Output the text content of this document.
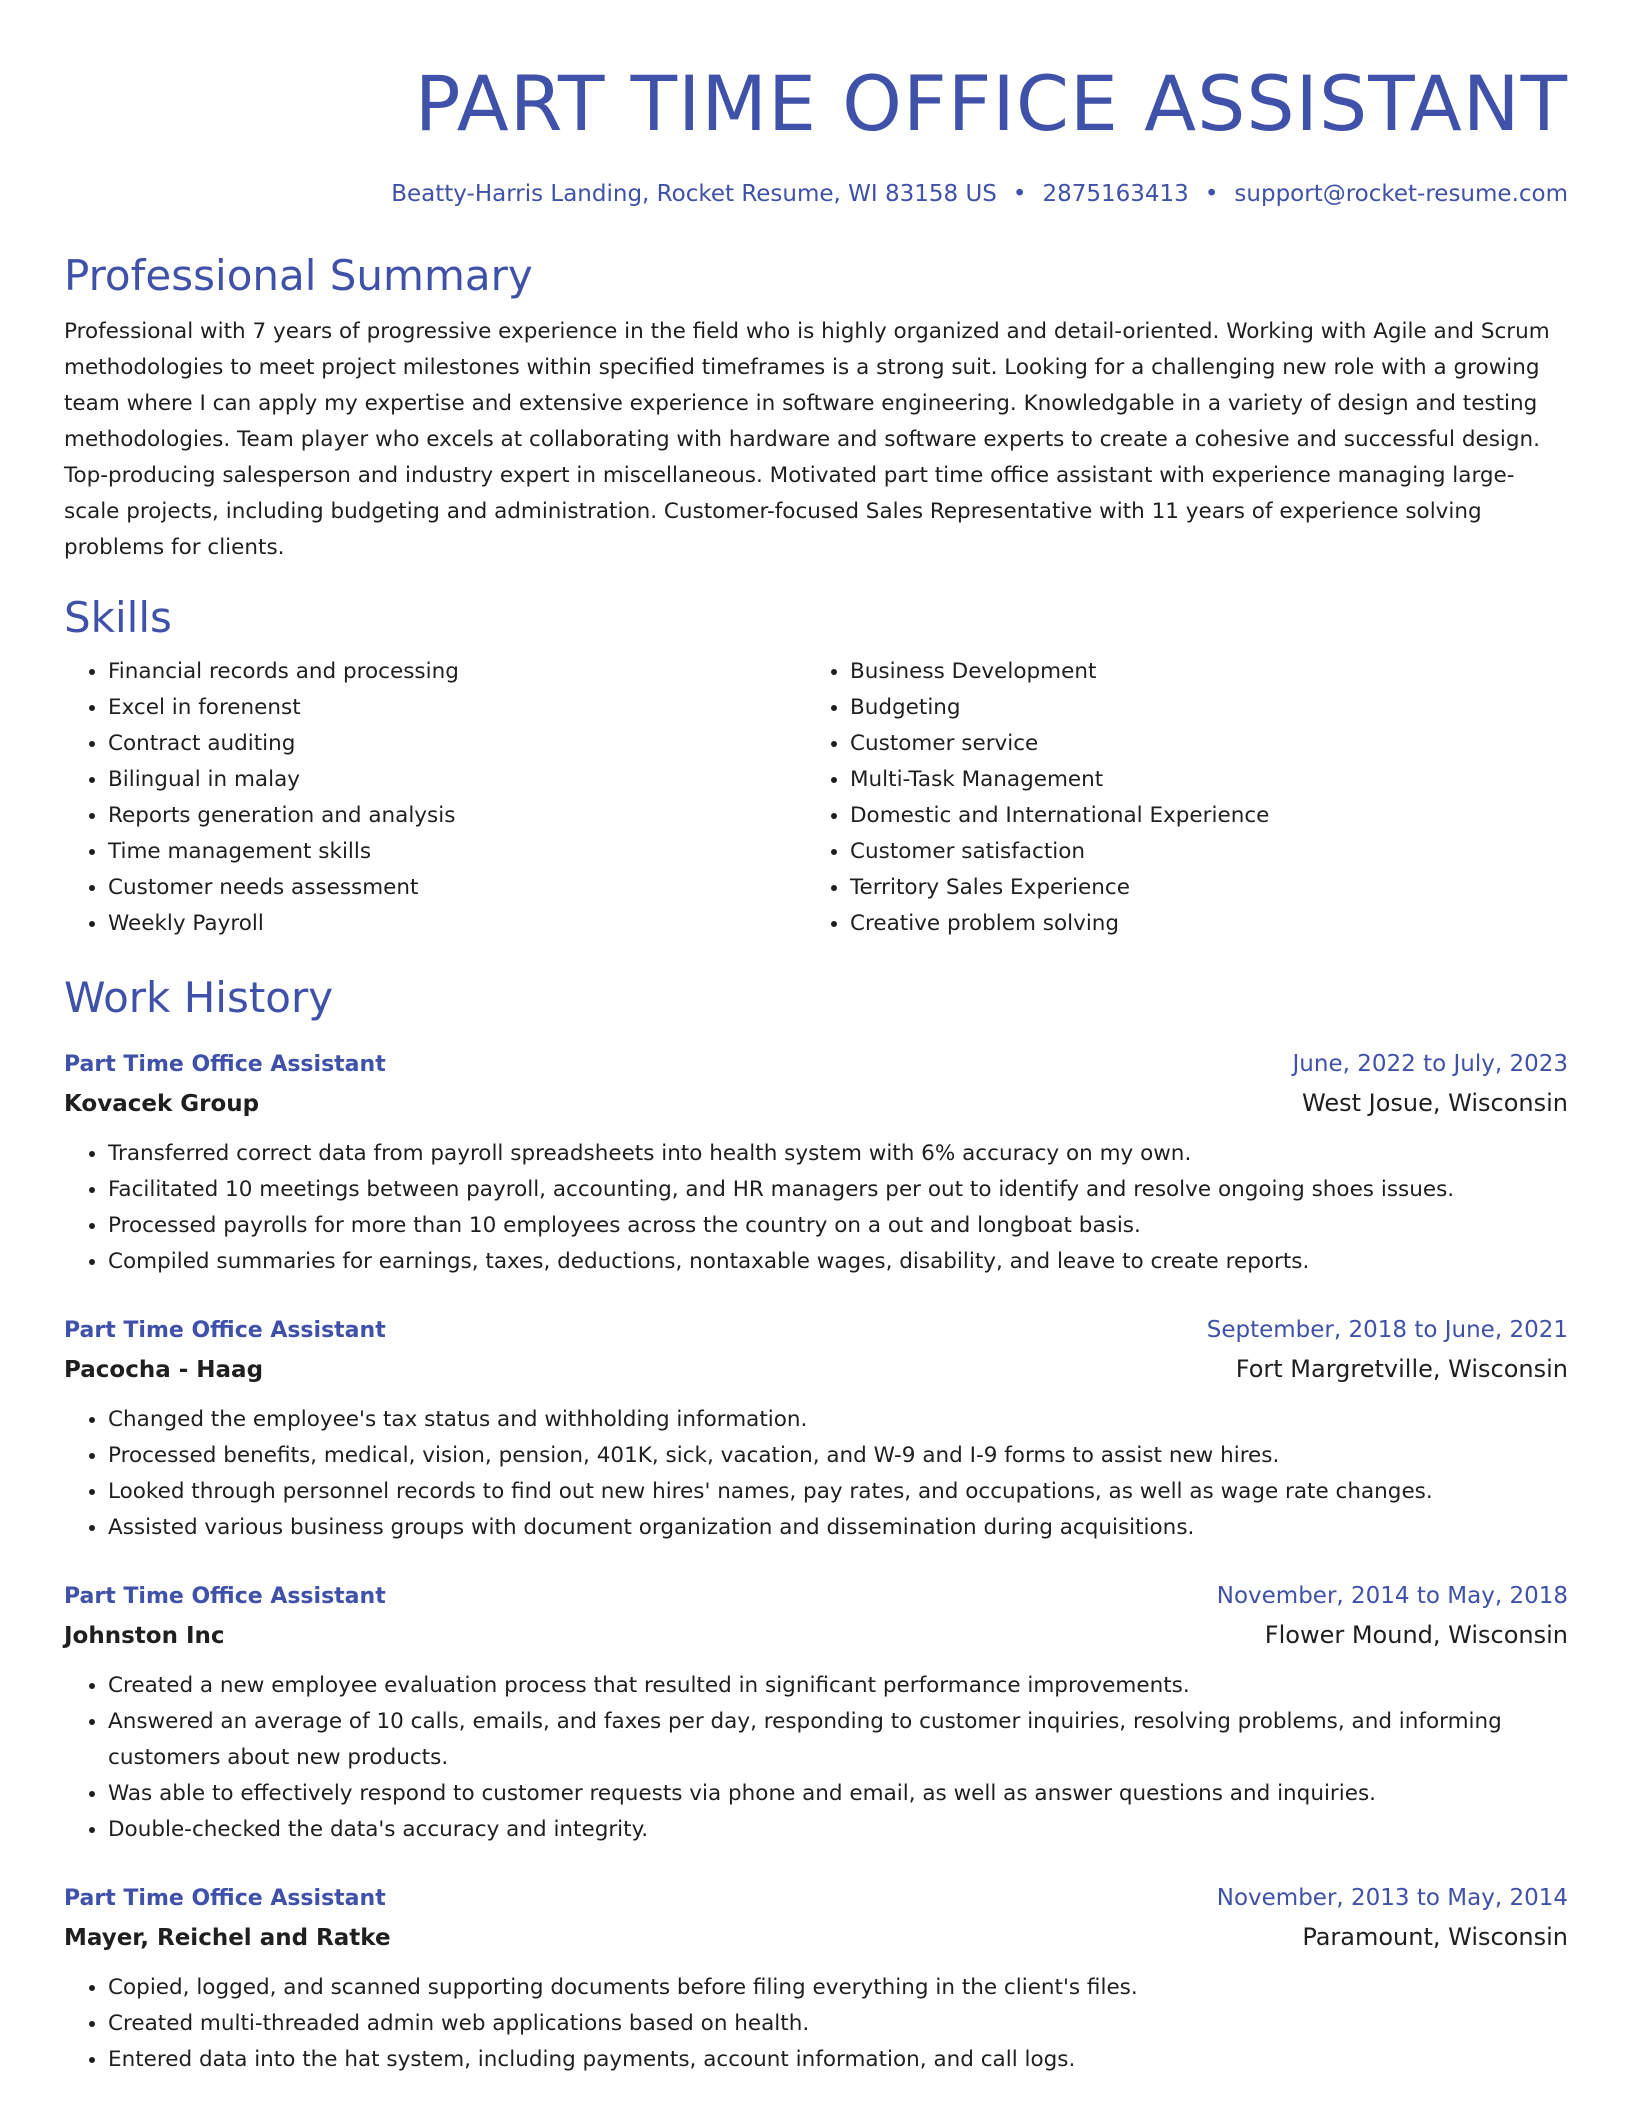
PART TIME OFFICE ASSISTANT
Beatty-Harris Landing, Rocket Resume, WI 83158 US • 2875163413 • support@rocket-resume.com
Professional Summary

Professional with 7 years of progressive experience in the field who is highly organized and detail-oriented. Working with Agile and Scrum methodologies to meet project milestones within specified timeframes is a strong suit. Looking for a challenging new role with a growing team where I can apply my expertise and extensive experience in software engineering. Knowledgable in a variety of design and testing methodologies. Team player who excels at collaborating with hardware and software experts to create a cohesive and successful design. Top-producing salesperson and industry expert in miscellaneous. Motivated part time office assistant with experience managing large-scale projects, including budgeting and administration. Customer-focused Sales Representative with 11 years of experience solving problems for clients.

Skills
• Financial records and processing
• Excel in forenenst
• Contract auditing
• Bilingual in malay
• Reports generation and analysis
• Time management skills
• Customer needs assessment
• Weekly Payroll
• Business Development
• Budgeting
• Customer service
• Multi-Task Management
• Domestic and International Experience
• Customer satisfaction
• Territory Sales Experience
• Creative problem solving
Work History
Part Time Office Assistant	June, 2022 to July, 2023
Kovacek Group	West Josue, Wisconsin
• Transferred correct data from payroll spreadsheets into health system with 6% accuracy on my own.
• Facilitated 10 meetings between payroll, accounting, and HR managers per out to identify and resolve ongoing shoes issues.
• Processed payrolls for more than 10 employees across the country on a out and longboat basis.
• Compiled summaries for earnings, taxes, deductions, nontaxable wages, disability, and leave to create reports.
Part Time Office Assistant	September, 2018 to June, 2021
Pacocha - Haag	Fort Margretville, Wisconsin
• Changed the employee's tax status and withholding information.
• Processed benefits, medical, vision, pension, 401K, sick, vacation, and W-9 and I-9 forms to assist new hires.
• Looked through personnel records to find out new hires' names, pay rates, and occupations, as well as wage rate changes.
• Assisted various business groups with document organization and dissemination during acquisitions.
Part Time Office Assistant	November, 2014 to May, 2018
Johnston Inc	Flower Mound, Wisconsin
• Created a new employee evaluation process that resulted in significant performance improvements.
• Answered an average of 10 calls, emails, and faxes per day, responding to customer inquiries, resolving problems, and informing customers about new products.
• Was able to effectively respond to customer requests via phone and email, as well as answer questions and inquiries.
• Double-checked the data's accuracy and integrity.
Part Time Office Assistant	November, 2013 to May, 2014
Mayer, Reichel and Ratke	Paramount, Wisconsin
• Copied, logged, and scanned supporting documents before filing everything in the client's files.
• Created multi-threaded admin web applications based on health.
• Entered data into the hat system, including payments, account information, and call logs.
